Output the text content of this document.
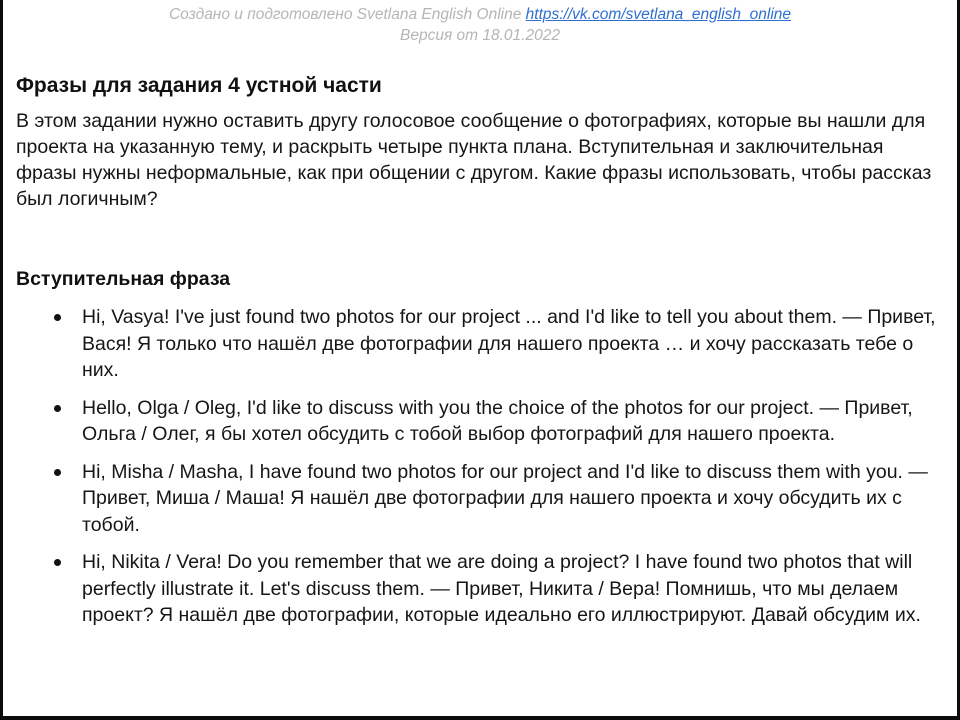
Создано и подготовлено Svetlana English Online https://vk.com/svetlana_english_online
Версия от 18.01.2022
Фразы для задания 4 устной части

В этом задании нужно оставить другу голосовое сообщение о фотографиях, которые вы нашли для проекта на указанную тему, и раскрыть четыре пункта плана. Вступительная и заключительная фразы нужны неформальные, как при общении с другом. Какие фразы использовать, чтобы рассказ был логичным?

Вступительная фраза
Hi, Vasya! I've just found two photos for our project ... and I'd like to tell you about them. — Привет, Вася! Я только что нашёл две фотографии для нашего проекта … и хочу рассказать тебе о них.
Hello, Olga / Oleg, I'd like to discuss with you the choice of the photos for our project. — Привет, Ольга / Олег, я бы хотел обсудить с тобой выбор фотографий для нашего проекта.
Hi, Misha / Masha, I have found two photos for our project and I'd like to discuss them with you. — Привет, Миша / Маша! Я нашёл две фотографии для нашего проекта и хочу обсудить их с тобой.
Hi, Nikita / Vera! Do you remember that we are doing a project? I have found two photos that will perfectly illustrate it. Let's discuss them. — Привет, Никита / Вера! Помнишь, что мы делаем проект? Я нашёл две фотографии, которые идеально его иллюстрируют. Давай обсудим их.
